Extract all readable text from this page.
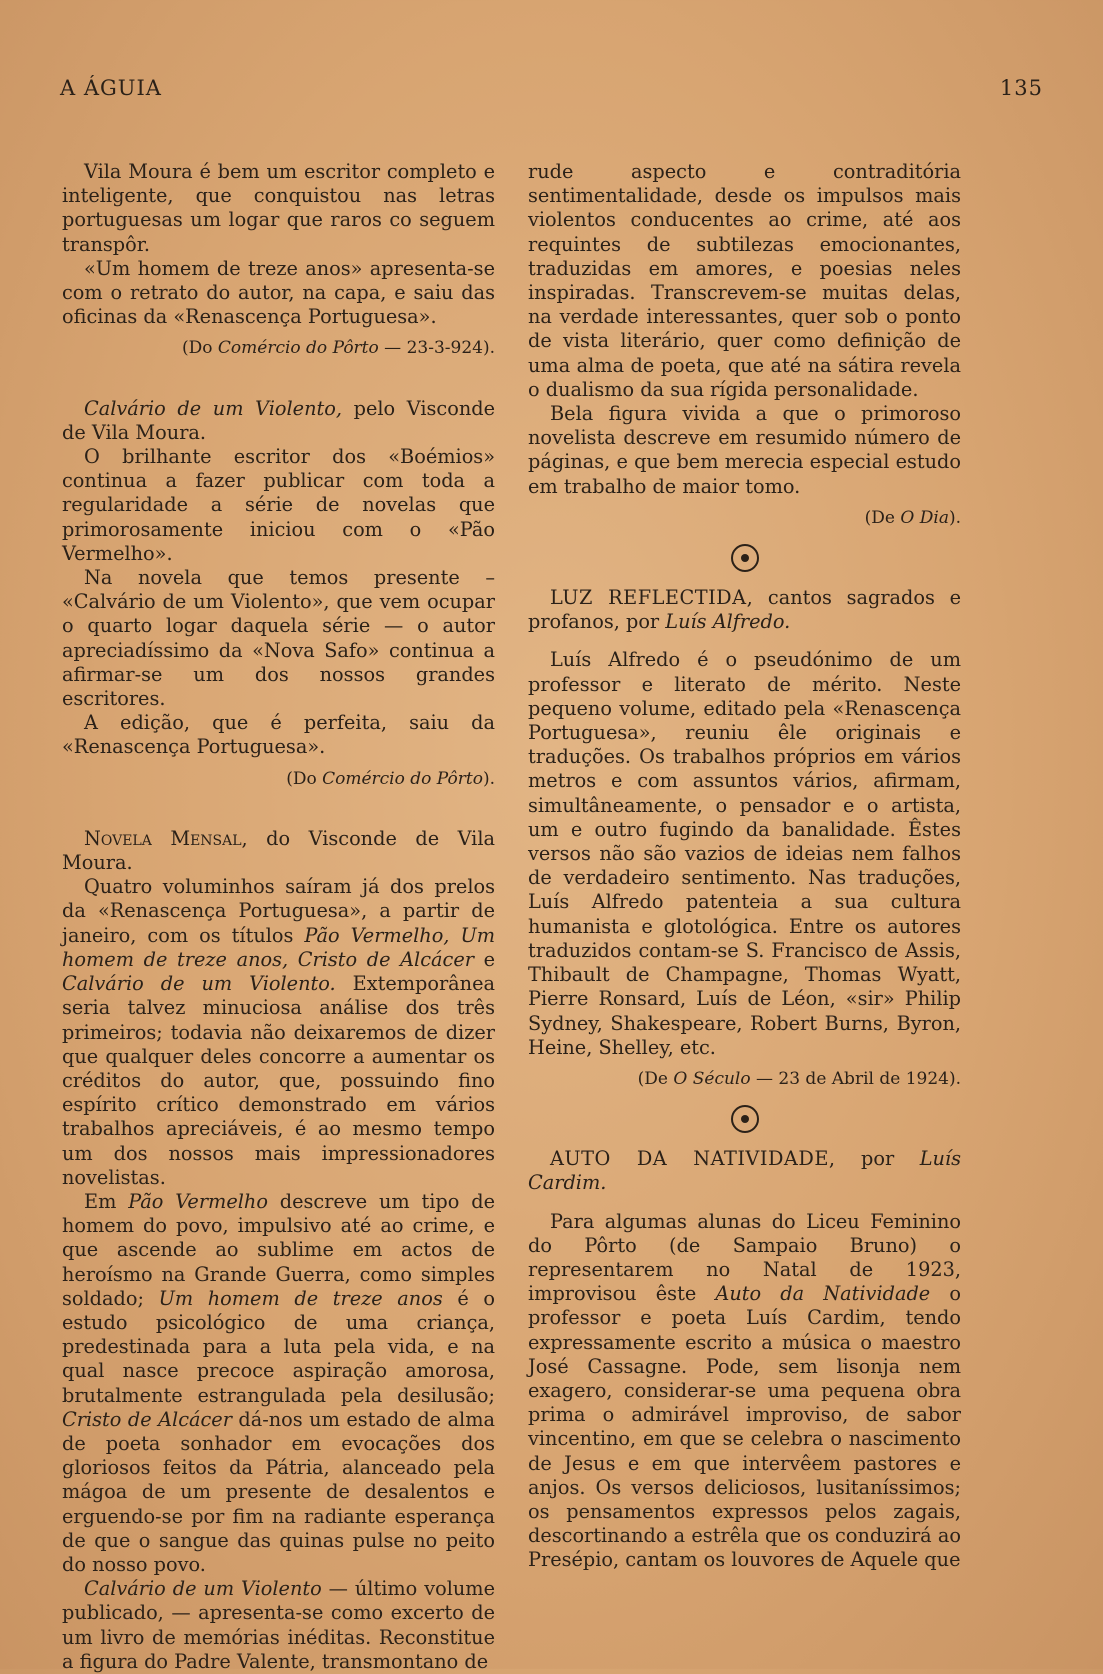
A ÁGUIA	135

Vila Moura é bem um escritor completo e inteligente, que conquistou nas letras portuguesas um logar que raros co seguem transpôr.

«Um homem de treze anos» apresenta-se com o retrato do autor, na capa, e saiu das oficinas da «Renascença Portuguesa».

(Do Comércio do Pôrto — 23-3-924).

Calvário de um Violento, pelo Visconde de Vila Moura.

O brilhante escritor dos «Boémios» continua a fazer publicar com toda a regularidade a série de novelas que primorosamente iniciou com o «Pão Vermelho».

Na novela que temos presente – «Calvário de um Violento», que vem ocupar o quarto logar daquela série — o autor apreciadíssimo da «Nova Safo» continua a afirmar-se um dos nossos grandes escritores.

A edição, que é perfeita, saiu da «Renascença Portuguesa».

(Do Comércio do Pôrto).

Novela Mensal, do Visconde de Vila Moura.

Quatro voluminhos saíram já dos prelos da «Renascença Portuguesa», a partir de janeiro, com os títulos Pão Vermelho, Um homem de treze anos, Cristo de Alcácer e Calvário de um Violento. Extemporânea seria talvez minuciosa análise dos três primeiros; todavia não deixaremos de dizer que qualquer deles concorre a aumentar os créditos do autor, que, possuindo fino espírito crítico demonstrado em vários trabalhos apreciáveis, é ao mesmo tempo um dos nossos mais impressionadores novelistas.

Em Pão Vermelho descreve um tipo de homem do povo, impulsivo até ao crime, e que ascende ao sublime em actos de heroísmo na Grande Guerra, como simples soldado; Um homem de treze anos é o estudo psicológico de uma criança, predestinada para a luta pela vida, e na qual nasce precoce aspiração amorosa, brutalmente estrangulada pela desilusão; Cristo de Alcácer dá-nos um estado de alma de poeta sonhador em evocações dos gloriosos feitos da Pátria, alanceado pela mágoa de um presente de desalentos e erguendo-se por fim na radiante esperança de que o sangue das quinas pulse no peito do nosso povo.

Calvário de um Violento — último volume publicado, — apresenta-se como excerto de um livro de memórias inéditas. Reconstitue a figura do Padre Valente, transmontano de

rude aspecto e contraditória sentimentalidade, desde os impulsos mais violentos conducentes ao crime, até aos requintes de subtilezas emocionantes, traduzidas em amores, e poesias neles inspiradas. Transcrevem-se muitas delas, na verdade interessantes, quer sob o ponto de vista literário, quer como definição de uma alma de poeta, que até na sátira revela o dualismo da sua rígida personalidade.

Bela figura vivida a que o primoroso novelista descreve em resumido número de páginas, e que bem merecia especial estudo em trabalho de maior tomo.

(De O Dia).

LUZ REFLECTIDA, cantos sagrados e profanos, por Luís Alfredo.

Luís Alfredo é o pseudónimo de um professor e literato de mérito. Neste pequeno volume, editado pela «Renascença Portuguesa», reuniu êle originais e traduções. Os trabalhos próprios em vários metros e com assuntos vários, afirmam, simultâneamente, o pensador e o artista, um e outro fugindo da banalidade. Êstes versos não são vazios de ideias nem falhos de verdadeiro sentimento. Nas traduções, Luís Alfredo patenteia a sua cultura humanista e glotológica. Entre os autores traduzidos contam-se S. Francisco de Assis, Thibault de Champagne, Thomas Wyatt, Pierre Ronsard, Luís de Léon, «sir» Philip Sydney, Shakespeare, Robert Burns, Byron, Heine, Shelley, etc.

(De O Século — 23 de Abril de 1924).

AUTO DA NATIVIDADE, por Luís Cardim.

Para algumas alunas do Liceu Feminino do Pôrto (de Sampaio Bruno) o representarem no Natal de 1923, improvisou êste Auto da Natividade o professor e poeta Luís Cardim, tendo expressamente escrito a música o maestro José Cassagne. Pode, sem lisonja nem exagero, considerar-se uma pequena obra prima o admirável improviso, de sabor vincentino, em que se celebra o nascimento de Jesus e em que intervêem pastores e anjos. Os versos deliciosos, lusitaníssimos; os pensamentos expressos pelos zagais, descortinando a estrêla que os conduzirá ao Presépio, cantam os louvores de Aquele que
